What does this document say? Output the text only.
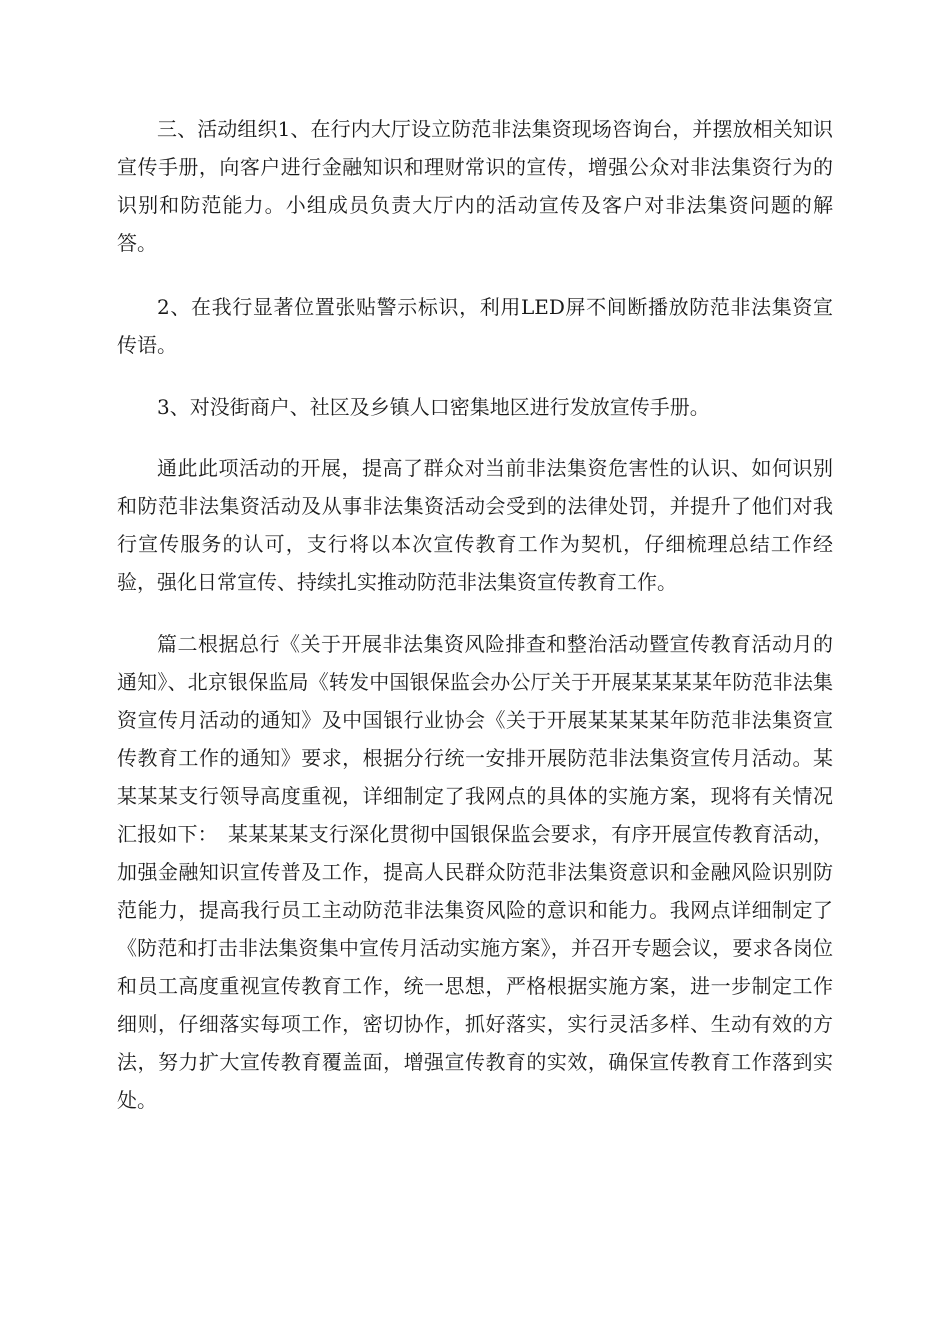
三、活动组织1、在行内大厅设立防范非法集资现场咨询台，并摆放相关知识宣传手册，向客户进行金融知识和理财常识的宣传，增强公众对非法集资行为的识别和防范能力。小组成员负责大厅内的活动宣传及客户对非法集资问题的解答。

2、在我行显著位置张贴警示标识，利用LED屏不间断播放防范非法集资宣传语。

3、对没街商户、社区及乡镇人口密集地区进行发放宣传手册。

通此此项活动的开展，提高了群众对当前非法集资危害性的认识、如何识别和防范非法集资活动及从事非法集资活动会受到的法律处罚，并提升了他们对我行宣传服务的认可，支行将以本次宣传教育工作为契机，仔细梳理总结工作经验，强化日常宣传、持续扎实推动防范非法集资宣传教育工作。

篇二根据总行《关于开展非法集资风险排查和整治活动暨宣传教育活动月的通知》、北京银保监局《转发中国银保监会办公厅关于开展某某某某年防范非法集资宣传月活动的通知》及中国银行业协会《关于开展某某某某年防范非法集资宣传教育工作的通知》要求，根据分行统一安排开展防范非法集资宣传月活动。某某某某支行领导高度重视，详细制定了我网点的具体的实施方案，现将有关情况汇报如下：　某某某某支行深化贯彻中国银保监会要求，有序开展宣传教育活动，加强金融知识宣传普及工作，提高人民群众防范非法集资意识和金融风险识别防范能力，提高我行员工主动防范非法集资风险的意识和能力。我网点详细制定了《防范和打击非法集资集中宣传月活动实施方案》，并召开专题会议，要求各岗位和员工高度重视宣传教育工作，统一思想，严格根据实施方案，进一步制定工作细则，仔细落实每项工作，密切协作，抓好落实，实行灵活多样、生动有效的方法，努力扩大宣传教育覆盖面，增强宣传教育的实效，确保宣传教育工作落到实处。
